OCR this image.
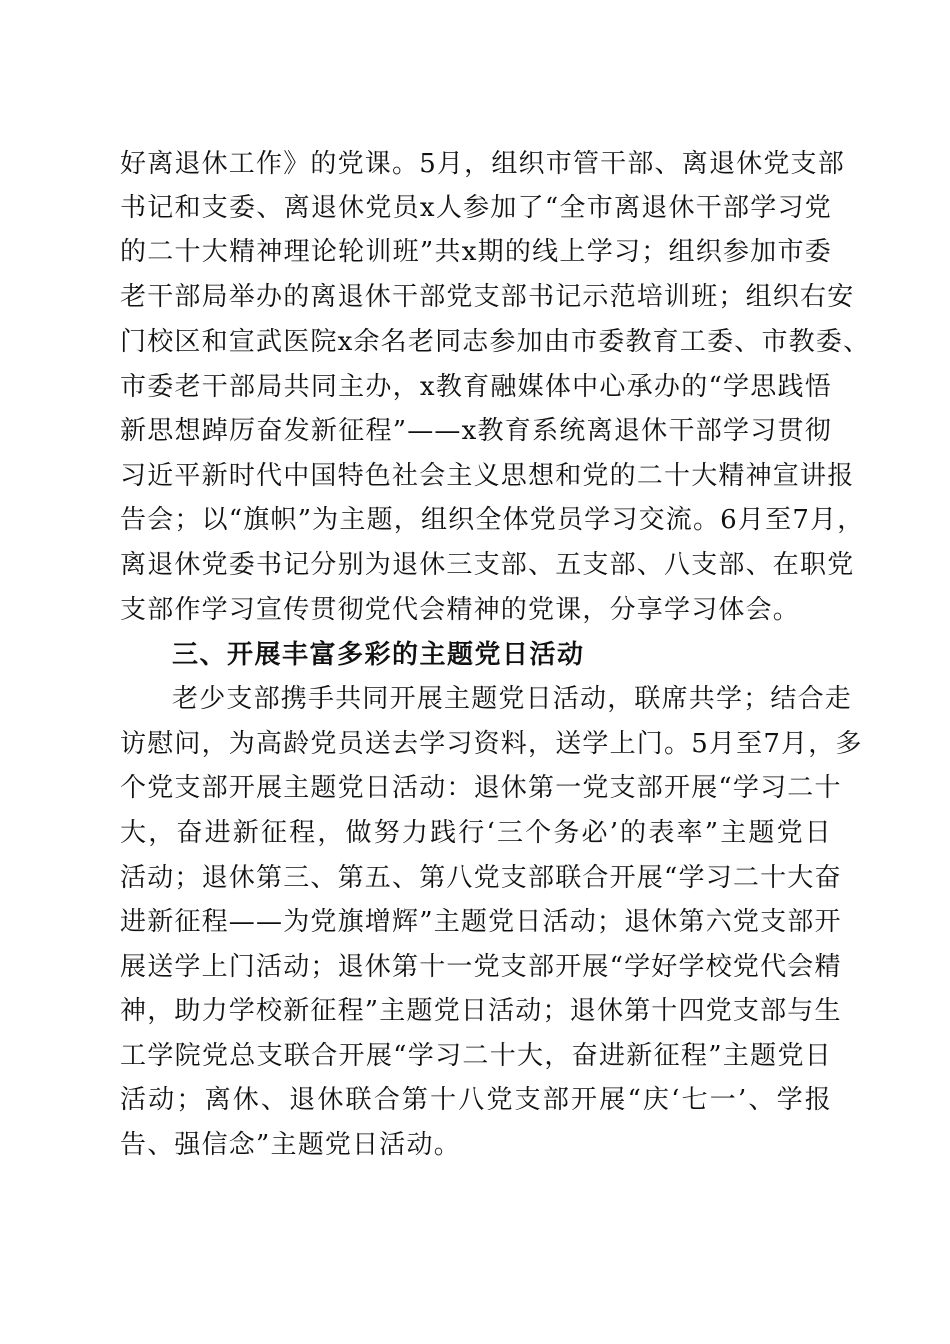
好离退休工作》的党课。5月，组织市管干部、离退休党支部
书记和支委、离退休党员x人参加了“全市离退休干部学习党
的二十大精神理论轮训班”共x期的线上学习；组织参加市委
老干部局举办的离退休干部党支部书记示范培训班；组织右安
门校区和宣武医院x余名老同志参加由市委教育工委、市教委、
市委老干部局共同主办，x教育融媒体中心承办的“学思践悟
新思想踔厉奋发新征程”——x教育系统离退休干部学习贯彻
习近平新时代中国特色社会主义思想和党的二十大精神宣讲报
告会；以“旗帜”为主题，组织全体党员学习交流。6月至7月，
离退休党委书记分别为退休三支部、五支部、八支部、在职党
支部作学习宣传贯彻党代会精神的党课，分享学习体会。
三、开展丰富多彩的主题党日活动
老少支部携手共同开展主题党日活动，联席共学；结合走
访慰问，为高龄党员送去学习资料，送学上门。5月至7月，多
个党支部开展主题党日活动：退休第一党支部开展“学习二十
大，奋进新征程，做努力践行‘三个务必’的表率”主题党日
活动；退休第三、第五、第八党支部联合开展“学习二十大奋
进新征程——为党旗增辉”主题党日活动；退休第六党支部开
展送学上门活动；退休第十一党支部开展“学好学校党代会精
神，助力学校新征程”主题党日活动；退休第十四党支部与生
工学院党总支联合开展“学习二十大，奋进新征程”主题党日
活动；离休、退休联合第十八党支部开展“庆‘七一’、学报
告、强信念”主题党日活动。
